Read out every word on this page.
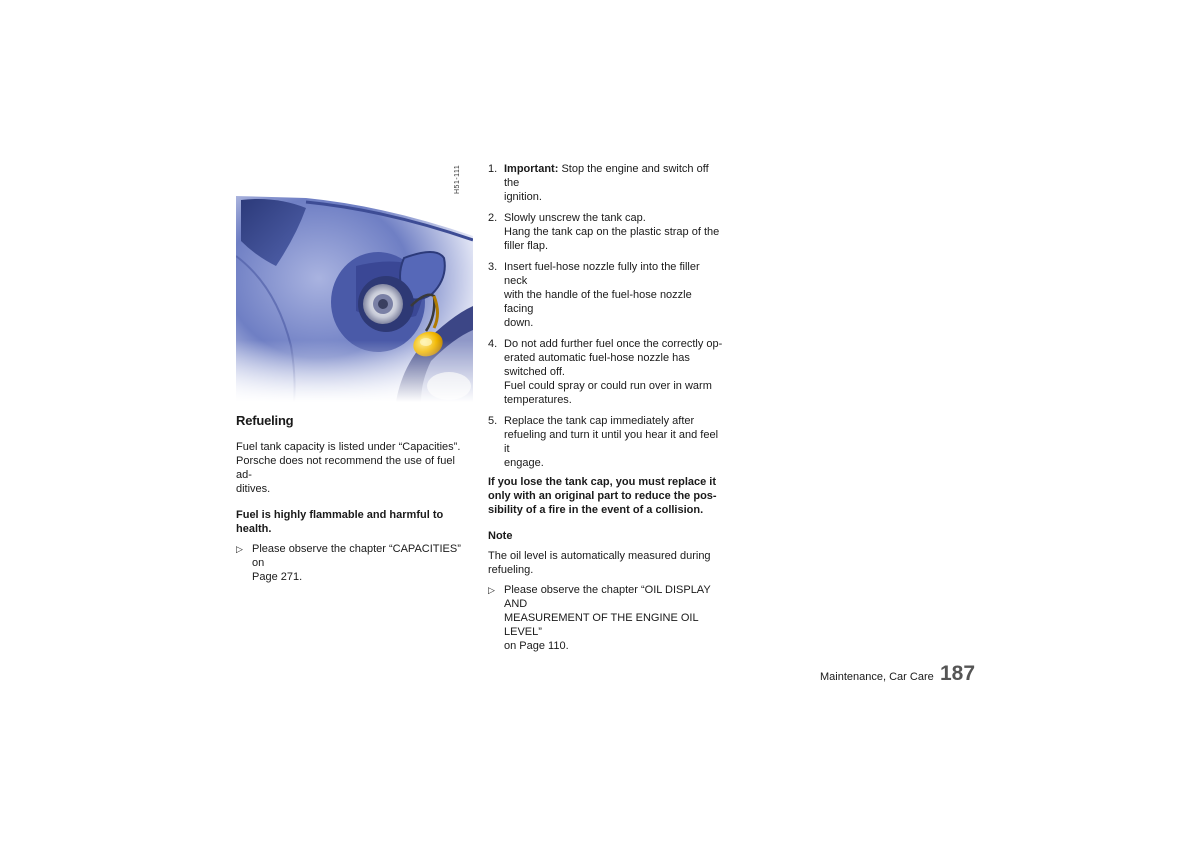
H51-111
Refueling
Fuel tank capacity is listed under “Capacities”.
Porsche does not recommend the use of fuel ad-
ditives.
Fuel is highly flammable and harmful to
health.
▷ Please observe the chapter “CAPACITIES” on
Page 271.
1. Important: Stop the engine and switch off the
ignition.
2. Slowly unscrew the tank cap.
Hang the tank cap on the plastic strap of the
filler flap.
3. Insert fuel-hose nozzle fully into the filler neck
with the handle of the fuel-hose nozzle facing
down.
4. Do not add further fuel once the correctly op-
erated automatic fuel-hose nozzle has
switched off.
Fuel could spray or could run over in warm
temperatures.
5. Replace the tank cap immediately after
refueling and turn it until you hear it and feel it
engage.
If you lose the tank cap, you must replace it
only with an original part to reduce the pos-
sibility of a fire in the event of a collision.
Note
The oil level is automatically measured during
refueling.
▷ Please observe the chapter “OIL DISPLAY AND
MEASUREMENT OF THE ENGINE OIL LEVEL”
on Page 110.
Maintenance, Car Care 187
